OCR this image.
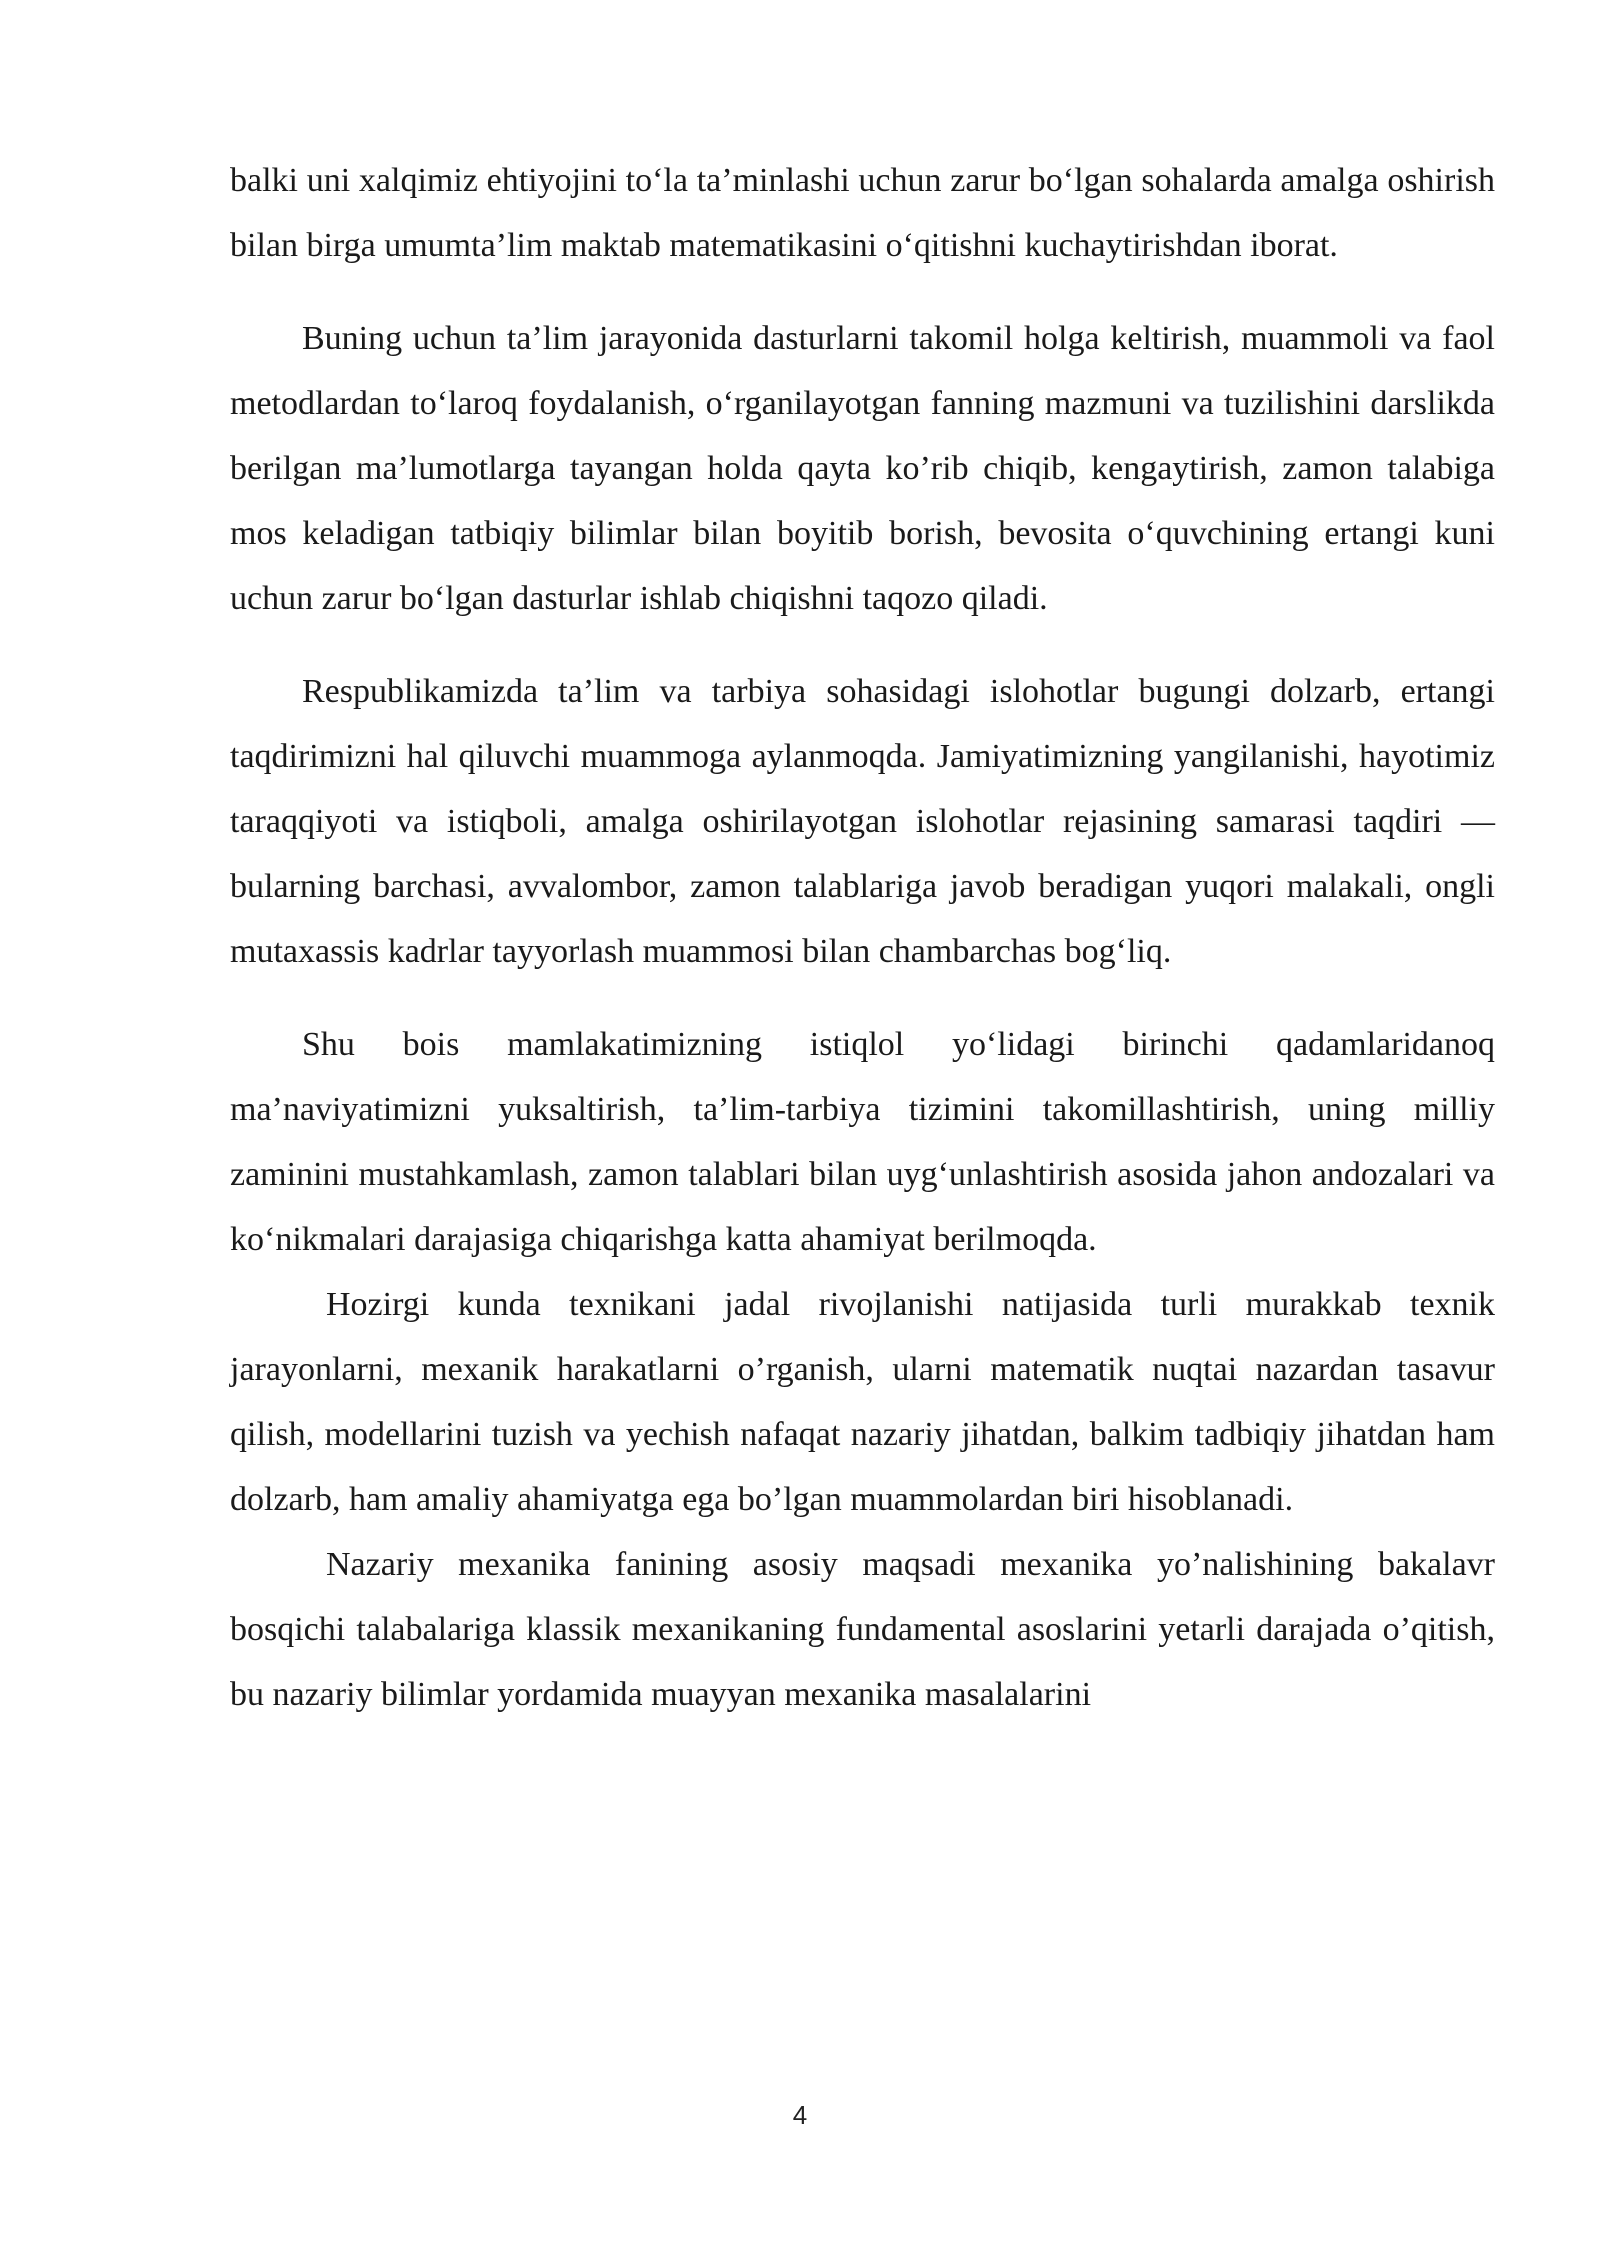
balki uni xalqimiz ehtiyojini to‘la ta’minlashi uchun zarur bo‘lgan sohalarda amalga oshirish bilan birga umumta’lim maktab matematikasini o‘qitishni kuchaytirishdan iborat.

Buning uchun ta’lim jarayonida dasturlarni takomil holga keltirish, muammoli va faol metodlardan to‘laroq foydalanish, o‘rganilayotgan fanning mazmuni va tuzilishini darslikda berilgan ma’lumotlarga tayangan holda qayta ko’rib chiqib, kengaytirish, zamon talabiga mos keladigan tatbiqiy bilimlar bilan boyitib borish, bevosita o‘quvchining ertangi kuni uchun zarur bo‘lgan dasturlar ishlab chiqishni taqozo qiladi.

Respublikamizda ta’lim va tarbiya sohasidagi islohotlar bugungi dolzarb, ertangi taqdirimizni hal qiluvchi muammoga aylanmoqda. Jamiyatimizning yangilanishi, hayotimiz taraqqiyoti va istiqboli, amalga oshirilayotgan islohotlar rejasining samarasi taqdiri — bularning barchasi, avvalombor, zamon talablariga javob beradigan yuqori malakali, ongli mutaxassis kadrlar tayyorlash muammosi bilan chambarchas bog‘liq.

Shu bois mamlakatimizning istiqlol yo‘lidagi birinchi qadamlaridanoq ma’naviyatimizni yuksaltirish, ta’lim-tarbiya tizimini takomillashtirish, uning milliy zaminini mustahkamlash, zamon talablari bilan uyg‘unlashtirish asosida jahon andozalari va ko‘nikmalari darajasiga chiqarishga katta ahamiyat berilmoqda.

Hozirgi kunda texnikani jadal rivojlanishi natijasida turli murakkab texnik jarayonlarni, mexanik harakatlarni o’rganish, ularni matematik nuqtai nazardan tasavur qilish, modellarini tuzish va yechish nafaqat nazariy jihatdan, balkim tadbiqiy jihatdan ham dolzarb, ham amaliy ahamiyatga ega bo’lgan muammolardan biri hisoblanadi.

Nazariy mexanika fanining asosiy maqsadi mexanika yo’nalishining bakalavr bosqichi talabalariga klassik mexanikaning fundamental asoslarini yetarli darajada o’qitish, bu nazariy bilimlar yordamida muayyan mexanika masalalarini

4
